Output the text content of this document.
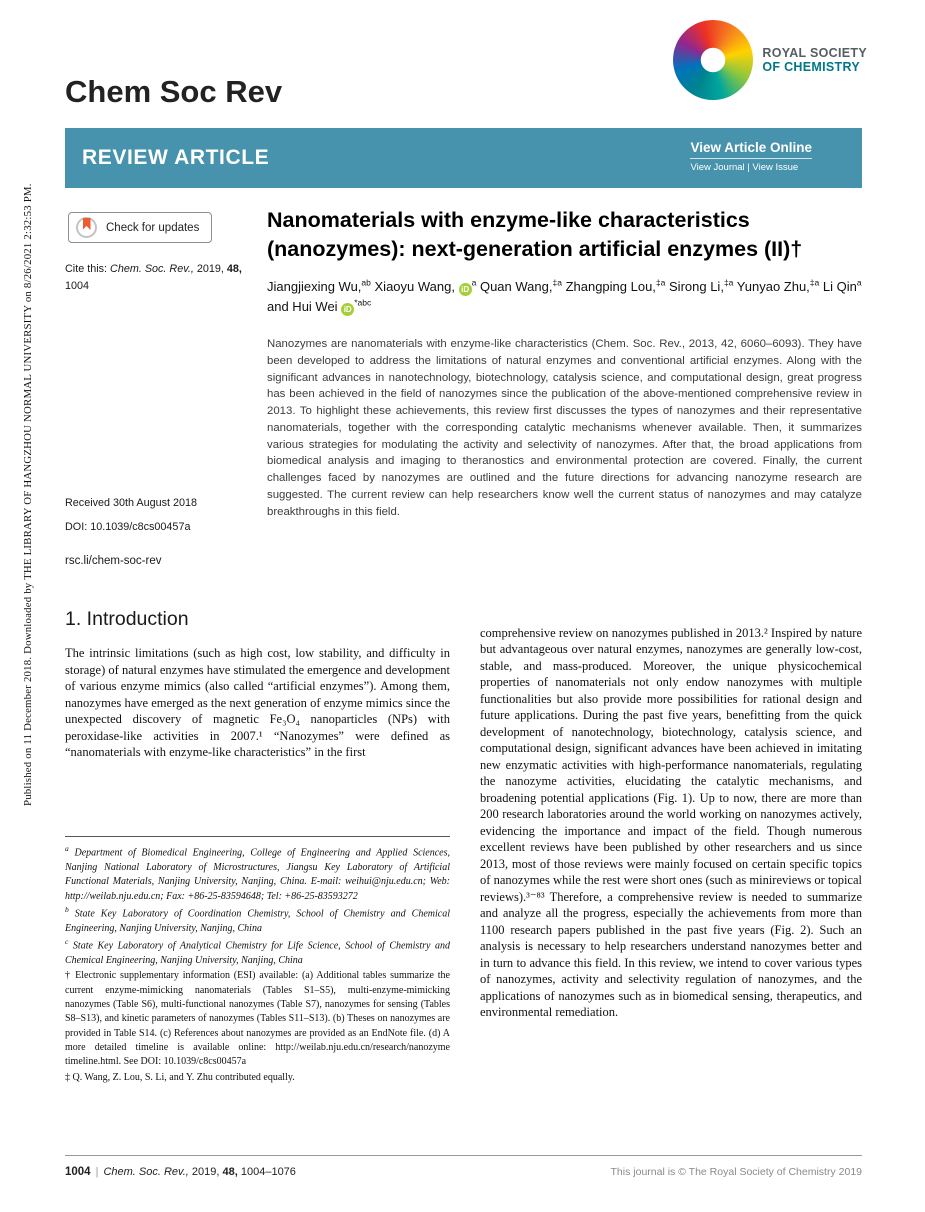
Published on 11 December 2018. Downloaded by THE LIBRARY OF HANGZHOU NORMAL UNIVERSITY on 8/26/2021 2:32:53 PM.
Chem Soc Rev
ROYAL SOCIETY
OF CHEMISTRY
REVIEW ARTICLE	View Article Online
View Journal | View Issue
Check for updates
Cite this: Chem. Soc. Rev., 2019, 48, 1004
Received 30th August 2018
DOI: 10.1039/c8cs00457a
rsc.li/chem-soc-rev
Nanomaterials with enzyme-like characteristics (nanozymes): next-generation artificial enzymes (II)†
Jiangjiexing Wu,$^{ab}$ Xiaoyu Wang, $iD^a$ Quan Wang,$^{\ddagger a}$ Zhangping Lou,$^{\ddagger a}$ Sirong Li,$^{\ddagger a}$ Yunyao Zhu,$^{\ddagger a}$ Li Qin$^a$ and Hui Wei $iD^{*abc}$
Nanozymes are nanomaterials with enzyme-like characteristics (Chem. Soc. Rev., 2013, 42, 6060–6093). They have been developed to address the limitations of natural enzymes and conventional artificial enzymes. Along with the significant advances in nanotechnology, biotechnology, catalysis science, and computational design, great progress has been achieved in the field of nanozymes since the publication of the above-mentioned comprehensive review in 2013. To highlight these achievements, this review first discusses the types of nanozymes and their representative nanomaterials, together with the corresponding catalytic mechanisms whenever available. Then, it summarizes various strategies for modulating the activity and selectivity of nanozymes. After that, the broad applications from biomedical analysis and imaging to theranostics and environmental protection are covered. Finally, the current challenges faced by nanozymes are outlined and the future directions for advancing nanozyme research are suggested. The current review can help researchers know well the current status of nanozymes and may catalyze breakthroughs in this field.
1. Introduction

The intrinsic limitations (such as high cost, low stability, and difficulty in storage) of natural enzymes have stimulated the emergence and development of various enzyme mimics (also called “artificial enzymes”). Among them, nanozymes have emerged as the next generation of enzyme mimics since the unexpected discovery of magnetic Fe₃O₄ nanoparticles (NPs) with peroxidase-like activities in 2007.¹ “Nanozymes” were defined as “nanomaterials with enzyme-like characteristics” in the first

comprehensive review on nanozymes published in 2013.² Inspired by nature but advantageous over natural enzymes, nanozymes are generally low-cost, stable, and mass-produced. Moreover, the unique physicochemical properties of nanomaterials not only endow nanozymes with multiple functionalities but also provide more possibilities for rational design and future applications. During the past five years, benefitting from the quick development of nanotechnology, biotechnology, catalysis science, and computational design, significant advances have been achieved in imitating new enzymatic activities with high-performance nanomaterials, regulating the nanozyme activities, elucidating the catalytic mechanisms, and broadening potential applications (Fig. 1). Up to now, there are more than 200 research laboratories around the world working on nanozymes actively, evidencing the importance and impact of the field. Though numerous excellent reviews have been published by other researchers and us since 2013, most of those reviews were mainly focused on certain specific topics of nanozymes while the rest were short ones (such as minireviews or topical reviews).³⁻⁸³ Therefore, a comprehensive review is needed to summarize and analyze all the progress, especially the achievements from more than 1100 research papers published in the past five years (Fig. 2). Such an analysis is necessary to help researchers understand nanozymes better and in turn to advance this field. In this review, we intend to cover various types of nanozymes, activity and selectivity regulation of nanozymes, and the applications of nanozymes such as in biomedical sensing, therapeutics, and environmental remediation.

$^a$ Department of Biomedical Engineering, College of Engineering and Applied Sciences, Nanjing National Laboratory of Microstructures, Jiangsu Key Laboratory of Artificial Functional Materials, Nanjing University, Nanjing, China. E-mail: weihui@nju.edu.cn; Web: http://weilab.nju.edu.cn; Fax: +86-25-83594648; Tel: +86-25-83593272
$^b$ State Key Laboratory of Coordination Chemistry, School of Chemistry and Chemical Engineering, Nanjing University, Nanjing, China
$^c$ State Key Laboratory of Analytical Chemistry for Life Science, School of Chemistry and Chemical Engineering, Nanjing University, Nanjing, China
† Electronic supplementary information (ESI) available: (a) Additional tables summarize the current enzyme-mimicking nanomaterials (Tables S1–S5), multi-enzyme-mimicking nanozymes (Table S6), multi-functional nanozymes (Table S7), nanozymes for sensing (Tables S8–S13), and kinetic parameters of nanozymes (Tables S11–S13). (b) Theses on nanozymes are provided in Table S14. (c) References about nanozymes are provided as an EndNote file. (d) A more detailed timeline is available online: http://weilab.nju.edu.cn/research/nanozyme timeline.html. See DOI: 10.1039/c8cs00457a
‡ Q. Wang, Z. Lou, S. Li, and Y. Zhu contributed equally.
1004 | Chem. Soc. Rev., 2019, 48, 1004–1076	This journal is © The Royal Society of Chemistry 2019
